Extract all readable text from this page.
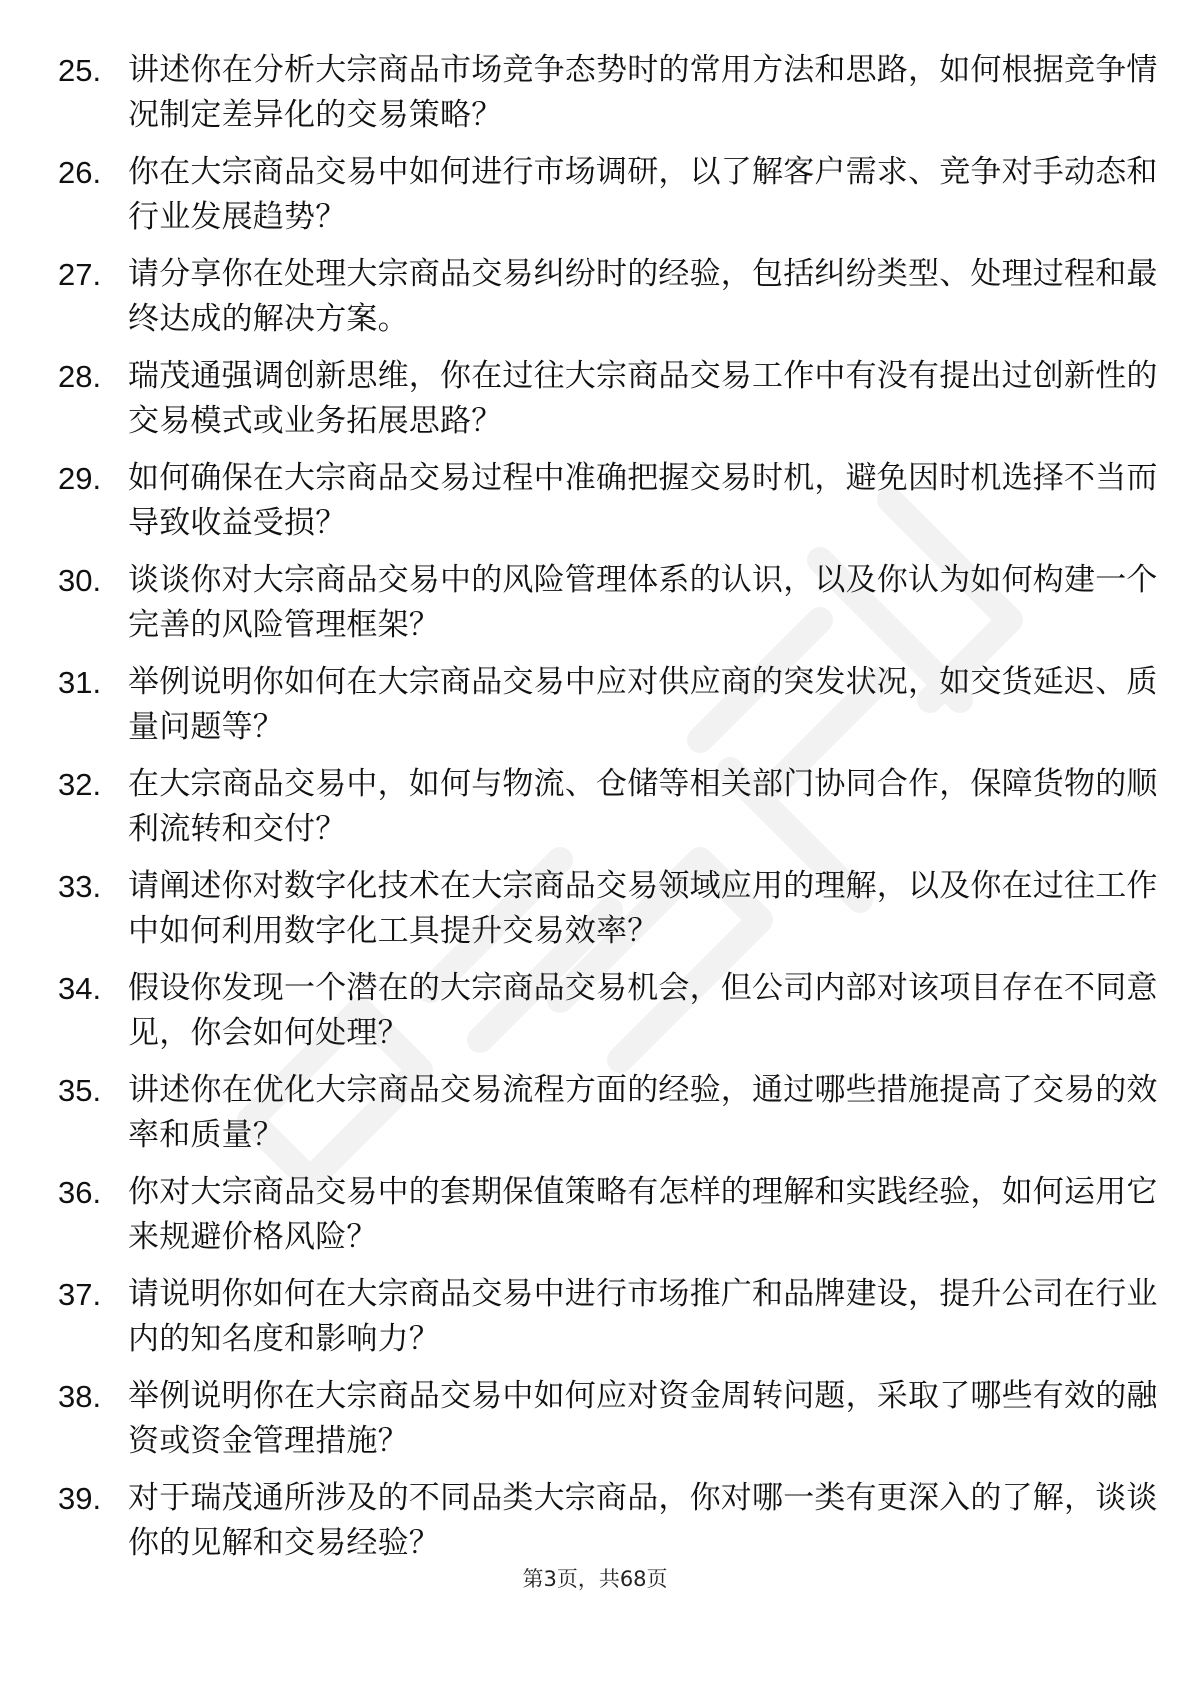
25. 讲述你在分析大宗商品市场竞争态势时的常用方法和思路，如何根据竞争情况制定差异化的交易策略？
26. 你在大宗商品交易中如何进行市场调研，以了解客户需求、竞争对手动态和行业发展趋势？
27. 请分享你在处理大宗商品交易纠纷时的经验，包括纠纷类型、处理过程和最终达成的解决方案。
28. 瑞茂通强调创新思维，你在过往大宗商品交易工作中有没有提出过创新性的交易模式或业务拓展思路？
29. 如何确保在大宗商品交易过程中准确把握交易时机，避免因时机选择不当而导致收益受损？
30. 谈谈你对大宗商品交易中的风险管理体系的认识，以及你认为如何构建一个完善的风险管理框架？
31. 举例说明你如何在大宗商品交易中应对供应商的突发状况，如交货延迟、质量问题等？
32. 在大宗商品交易中，如何与物流、仓储等相关部门协同合作，保障货物的顺利流转和交付？
33. 请阐述你对数字化技术在大宗商品交易领域应用的理解，以及你在过往工作中如何利用数字化工具提升交易效率？
34. 假设你发现一个潜在的大宗商品交易机会，但公司内部对该项目存在不同意见，你会如何处理？
35. 讲述你在优化大宗商品交易流程方面的经验，通过哪些措施提高了交易的效率和质量？
36. 你对大宗商品交易中的套期保值策略有怎样的理解和实践经验，如何运用它来规避价格风险？
37. 请说明你如何在大宗商品交易中进行市场推广和品牌建设，提升公司在行业内的知名度和影响力？
38. 举例说明你在大宗商品交易中如何应对资金周转问题，采取了哪些有效的融资或资金管理措施？
39. 对于瑞茂通所涉及的不同品类大宗商品，你对哪一类有更深入的了解，谈谈你的见解和交易经验？
第3页，共68页
